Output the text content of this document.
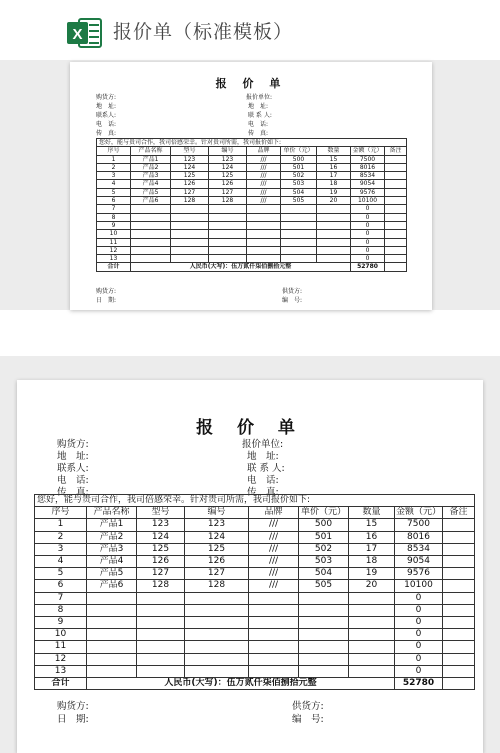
X 报价单（标准模板）
报 价 单
购货方:
地　址:
联系人:
电　话:
传　真:
报价单位:
地　址:
联 系 人:
电　话:
传　真:
您好，能与贵司合作，我司倍感荣幸。针对贵司所需，我司报价如下:								
序号	产品名称	型号	编号	品牌	单价（元）	数量	金额（元）	备注
1	产品1	123	123	///	500	15	7500	
2	产品2	124	124	///	501	16	8016	
3	产品3	125	125	///	502	17	8534	
4	产品4	126	126	///	503	18	9054	
5	产品5	127	127	///	504	19	9576	
6	产品6	128	128	///	505	20	10100	
7							0	
8							0	
9							0	
10							0	
11							0	
12							0	
13							0	
合计	人民币(大写)：伍万贰仟柒佰捌拾元整						52780	
购货方:
日　期:
供货方:
编　号:
报 价 单
购货方:
地　址:
联系人:
电　话:
传　真:
报价单位:
地　址:
联 系 人:
电　话:
传　真:
您好，能与贵司合作，我司倍感荣幸。针对贵司所需，我司报价如下:								
序号	产品名称	型号	编号	品牌	单价（元）	数量	金额（元）	备注
1	产品1	123	123	///	500	15	7500	
2	产品2	124	124	///	501	16	8016	
3	产品3	125	125	///	502	17	8534	
4	产品4	126	126	///	503	18	9054	
5	产品5	127	127	///	504	19	9576	
6	产品6	128	128	///	505	20	10100	
7							0	
8							0	
9							0	
10							0	
11							0	
12							0	
13							0	
合计	人民币(大写)：伍万贰仟柒佰捌拾元整						52780	
购货方:
日　期:
供货方:
编　号:
